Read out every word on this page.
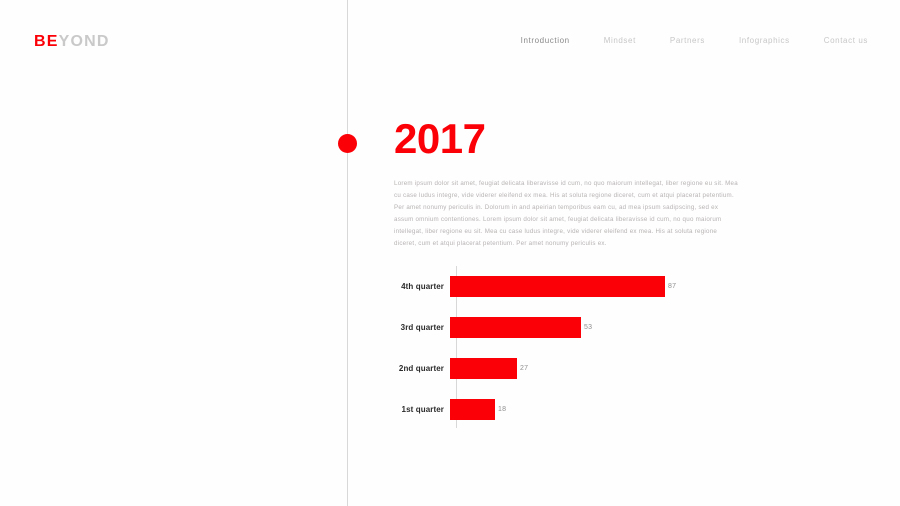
BEYOND	Introduction	Mindset	Partners	Infographics	Contact us
2017

Lorem ipsum dolor sit amet, feugiat delicata liberavisse id cum, no quo maiorum intellegat, liber regione eu sit. Mea cu case ludus integre, vide viderer eleifend ex mea. His at soluta regione diceret, cum et atqui placerat petentium. Per amet nonumy periculis in. Dolorum in and apeirian temporibus eam cu, ad mea ipsum sadipscing, sed ex assum omnium contentiones. Lorem ipsum dolor sit amet, feugiat delicata liberavisse id cum, no quo maiorum intellegat, liber regione eu sit. Mea cu case ludus integre, vide viderer eleifend ex mea. His at soluta regione diceret, cum et atqui placerat petentium. Per amet nonumy periculis ex.

4th quarter	87
3rd quarter	53
2nd quarter	27
1st quarter	18
